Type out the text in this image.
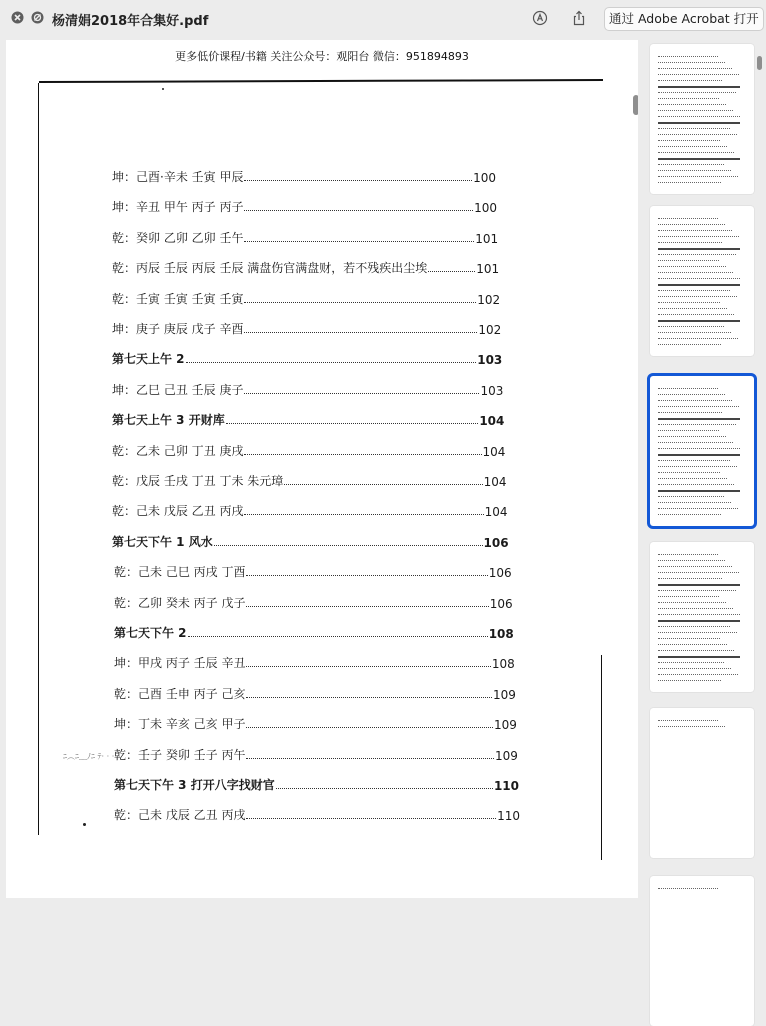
杨清娟2018年合集好.pdf	通过 Adobe Acrobat 打开
更多低价课程/书籍 关注公众号：观阳台 微信：951894893
坤：己酉·辛未 壬寅 甲辰	100
坤：辛丑 甲午 丙子 丙子	100
乾：癸卯 乙卯 乙卯 壬午	101
乾：丙辰 壬辰 丙辰 壬辰 满盘伤官满盘财，若不残疾出尘埃	101
乾：壬寅 壬寅 壬寅 壬寅	102
坤：庚子 庚辰 戊子 辛酉	102
第七天上午 2	103
坤：乙巳 己丑 壬辰 庚子	103
第七天上午 3 开财库	104
乾：乙未 己卯 丁丑 庚戌	104
乾：戊辰 壬戌 丁丑 丁未 朱元璋	104
乾：己未 戊辰 乙丑 丙戌	104
第七天下午 1 风水	106
乾：己未 己巳 丙戌 丁酉	106
乾：乙卯 癸未 丙子 戊子	106
第七天下午 2	108
坤：甲戌 丙子 壬辰 辛丑	108
乾：己酉 壬申 丙子 己亥	109
坤：丁未 辛亥 己亥 甲子	109
乾：壬子 癸卯 壬子 丙午	109
第七天下午 3 打开八字找财官	110
乾：己未 戊辰 乙丑 丙戌	110
ﾆ︵ﾆ﹏ﾉﾆ ﾃ· · ·
